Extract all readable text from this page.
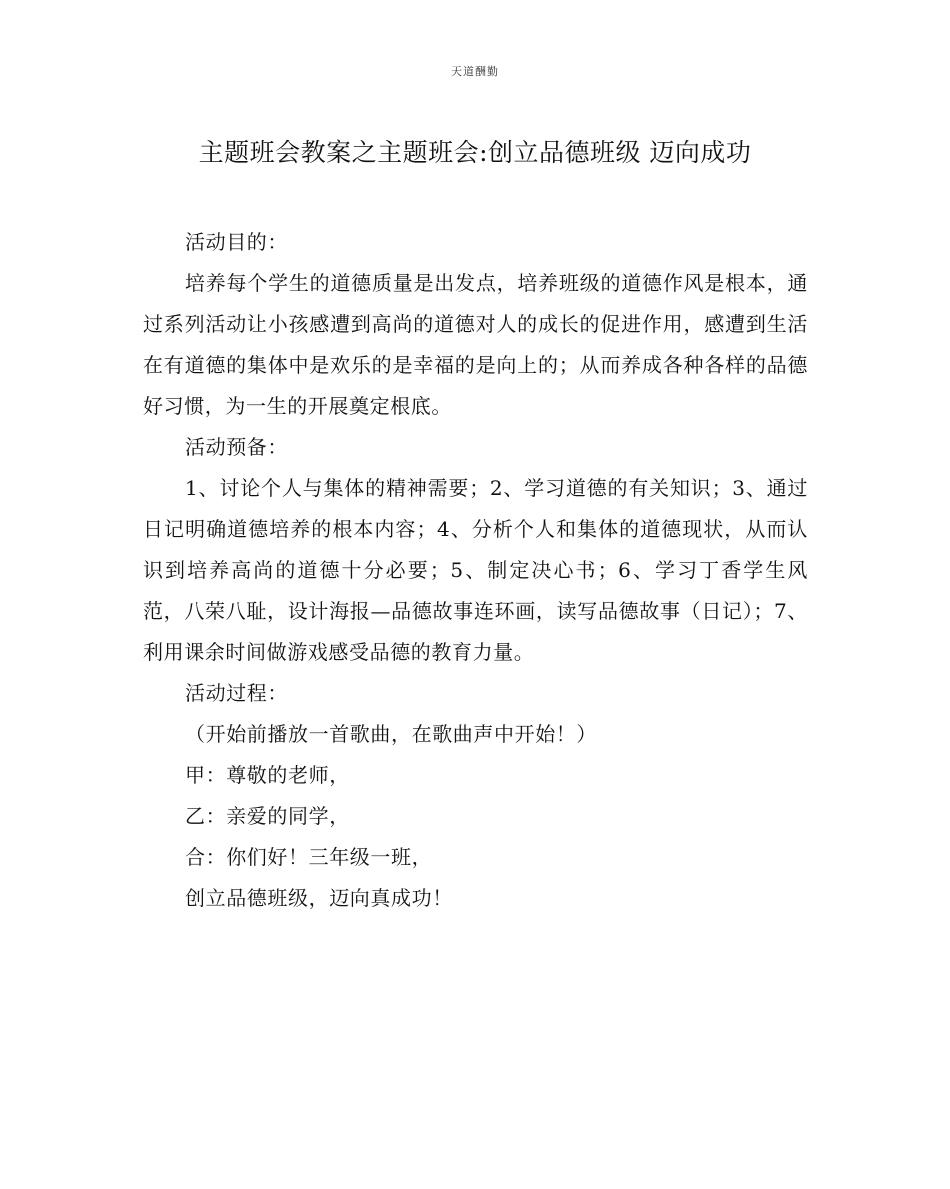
天道酬勤
主题班会教案之主题班会:创立品德班级 迈向成功

活动目的：

培养每个学生的道德质量是出发点，培养班级的道德作风是根本，通过系列活动让小孩感遭到高尚的道德对人的成长的促进作用，感遭到生活在有道德的集体中是欢乐的是幸福的是向上的；从而养成各种各样的品德好习惯，为一生的开展奠定根底。

活动预备：

1、讨论个人与集体的精神需要；2、学习道德的有关知识；3、通过日记明确道德培养的根本内容；4、分析个人和集体的道德现状，从而认识到培养高尚的道德十分必要；5、制定决心书；6、学习丁香学生风范，八荣八耻，设计海报—品德故事连环画，读写品德故事（日记）；7、利用课余时间做游戏感受品德的教育力量。

活动过程：

（开始前播放一首歌曲，在歌曲声中开始！）

甲：尊敬的老师，

乙：亲爱的同学，

合：你们好！三年级一班，

创立品德班级，迈向真成功！
